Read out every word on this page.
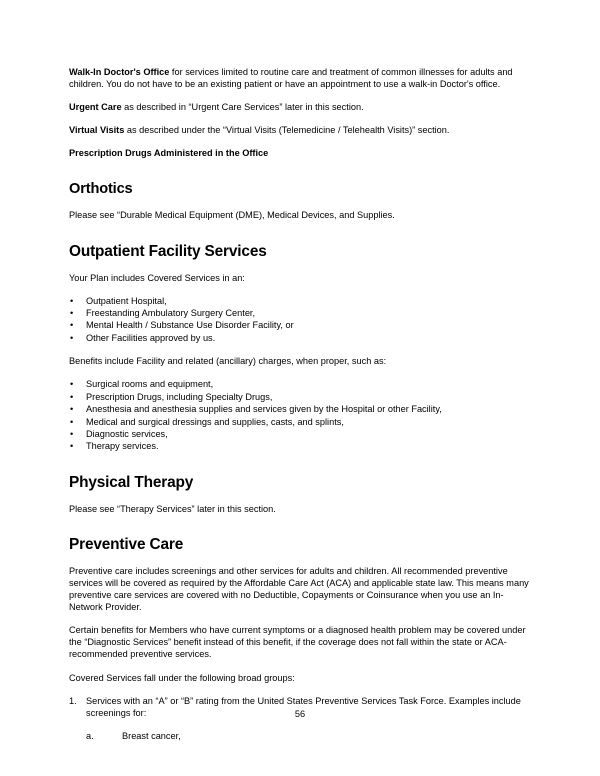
Walk-In Doctor's Office for services limited to routine care and treatment of common illnesses for adults and children. You do not have to be an existing patient or have an appointment to use a walk-in Doctor's office.

Urgent Care as described in “Urgent Care Services” later in this section.

Virtual Visits as described under the “Virtual Visits (Telemedicine / Telehealth Visits)” section.

Prescription Drugs Administered in the Office

Orthotics

Please see “Durable Medical Equipment (DME), Medical Devices, and Supplies.

Outpatient Facility Services

Your Plan includes Covered Services in an:

• Outpatient Hospital,
• Freestanding Ambulatory Surgery Center,
• Mental Health / Substance Use Disorder Facility, or
• Other Facilities approved by us.

Benefits include Facility and related (ancillary) charges, when proper, such as:

• Surgical rooms and equipment,
• Prescription Drugs, including Specialty Drugs,
• Anesthesia and anesthesia supplies and services given by the Hospital or other Facility,
• Medical and surgical dressings and supplies, casts, and splints,
• Diagnostic services,
• Therapy services.
Physical Therapy

Please see “Therapy Services” later in this section.

Preventive Care

Preventive care includes screenings and other services for adults and children. All recommended preventive services will be covered as required by the Affordable Care Act (ACA) and applicable state law. This means many preventive care services are covered with no Deductible, Copayments or Coinsurance when you use an In-Network Provider.

Certain benefits for Members who have current symptoms or a diagnosed health problem may be covered under the “Diagnostic Services” benefit instead of this benefit, if the coverage does not fall within the state or ACA-recommended preventive services.

Covered Services fall under the following broad groups:

1. Services with an “A” or “B” rating from the United States Preventive Services Task Force. Examples include screenings for:
a.	Breast cancer,
56
